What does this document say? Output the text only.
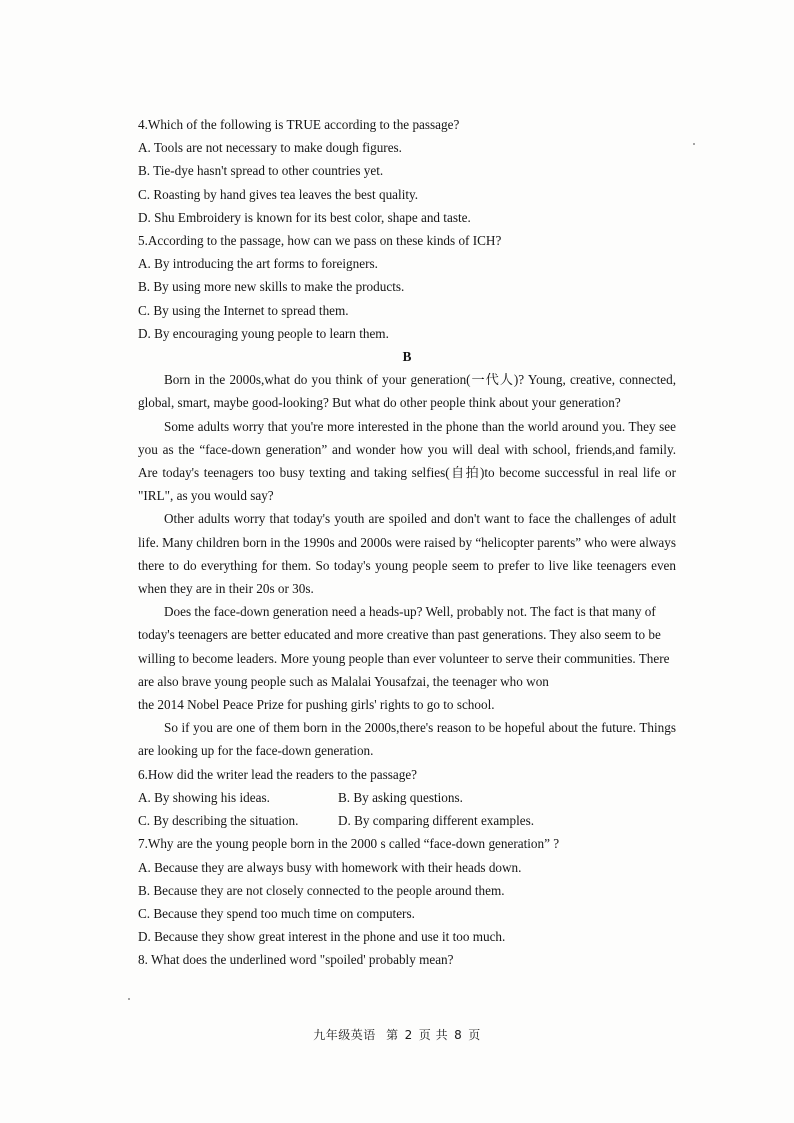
4.Which of the following is TRUE according to the passage?

A. Tools are not necessary to make dough figures.

B. Tie-dye hasn't spread to other countries yet.

C. Roasting by hand gives tea leaves the best quality.

D. Shu Embroidery is known for its best color, shape and taste.

5.According to the passage, how can we pass on these kinds of ICH?

A. By introducing the art forms to foreigners.

B. By using more new skills to make the products.

C. By using the Internet to spread them.

D. By encouraging young people to learn them.

B

Born in the 2000s,what do you think of your generation(一代人)? Young, creative, connected, global, smart, maybe good-looking? But what do other people think about your generation?

Some adults worry that you're more interested in the phone than the world around you. They see you as the “face-down generation” and wonder how you will deal with school, friends,and family. Are today's teenagers too busy texting and taking selfies(自拍)to become successful in real life or "IRL", as you would say?

Other adults worry that today's youth are spoiled and don't want to face the challenges of adult life. Many children born in the 1990s and 2000s were raised by “helicopter parents” who were always there to do everything for them. So today's young people seem to prefer to live like teenagers even when they are in their 20s or 30s.

Does the face-down generation need a heads-up? Well, probably not. The fact is that many of today's teenagers are better educated and more creative than past generations. They also seem to be willing to become leaders. More young people than ever volunteer to serve their communities. There are also brave young people such as Malalai Yousafzai, the teenager who won

the 2014 Nobel Peace Prize for pushing girls' rights to go to school.

So if you are one of them born in the 2000s,there's reason to be hopeful about the future. Things are looking up for the face-down generation.

6.How did the writer lead the readers to the passage?

A. By showing his ideas.	B. By asking questions.
C. By describing the situation.	D. By comparing different examples.

7.Why are the young people born in the 2000 s called “face-down generation” ?

A. Because they are always busy with homework with their heads down.

B. Because they are not closely connected to the people around them.

C. Because they spend too much time on computers.

D. Because they show great interest in the phone and use it too much.

8. What does the underlined word "spoiled' probably mean?

九年级英语 第 2 页 共 8 页
